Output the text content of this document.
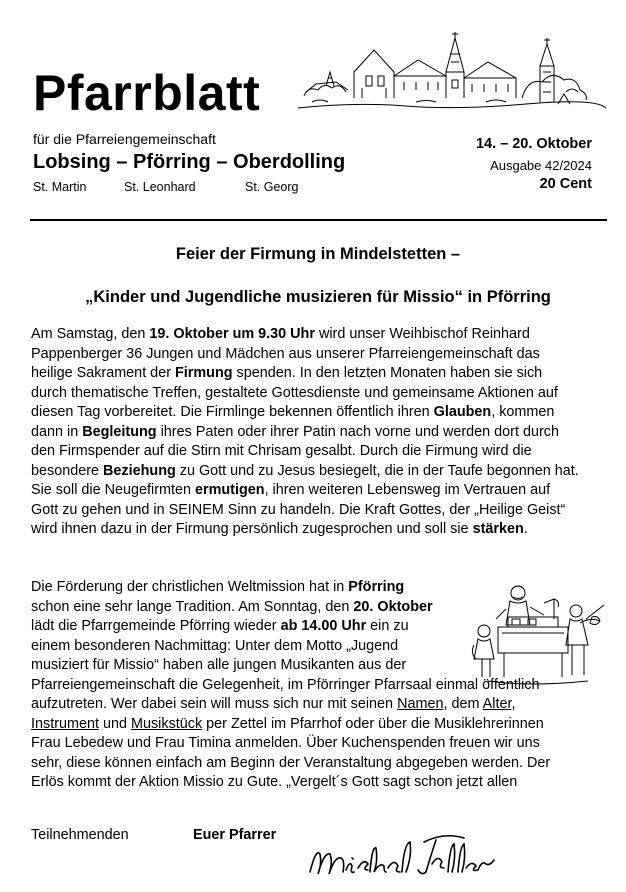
Pfarrblatt
für die Pfarreiengemeinschaft
Lobsing – Pförring – Oberdolling
St. Martin	St. Leonhard	St. Georg
14. – 20. Oktober
Ausgabe 42/2024
20 Cent
Feier der Firmung in Mindelstetten –
„Kinder und Jugendliche musizieren für Missio“ in Pförring
Am Samstag, den 19. Oktober um 9.30 Uhr wird unser Weihbischof Reinhard
Pappenberger 36 Jungen und Mädchen aus unserer Pfarreiengemeinschaft das
heilige Sakrament der Firmung spenden. In den letzten Monaten haben sie sich
durch thematische Treffen, gestaltete Gottesdienste und gemeinsame Aktionen auf
diesen Tag vorbereitet. Die Firmlinge bekennen öffentlich ihren Glauben, kommen
dann in Begleitung ihres Paten oder ihrer Patin nach vorne und werden dort durch
den Firmspender auf die Stirn mit Chrisam gesalbt. Durch die Firmung wird die
besondere Beziehung zu Gott und zu Jesus besiegelt, die in der Taufe begonnen hat.
Sie soll die Neugefirmten ermutigen, ihren weiteren Lebensweg im Vertrauen auf
Gott zu gehen und in SEINEM Sinn zu handeln. Die Kraft Gottes, der „Heilige Geist“
wird ihnen dazu in der Firmung persönlich zugesprochen und soll sie stärken.
Die Förderung der christlichen Weltmission hat in Pförring
schon eine sehr lange Tradition. Am Sonntag, den 20. Oktober
lädt die Pfarrgemeinde Pförring wieder ab 14.00 Uhr ein zu
einem besonderen Nachmittag: Unter dem Motto „Jugend
musiziert für Missio“ haben alle jungen Musikanten aus der
Pfarreiengemeinschaft die Gelegenheit, im Pförringer Pfarrsaal einmal öffentlich
aufzutreten. Wer dabei sein will muss sich nur mit seinen Namen, dem Alter,
Instrument und Musikstück per Zettel im Pfarrhof oder über die Musiklehrerinnen
Frau Lebedew und Frau Timina anmelden. Über Kuchenspenden freuen wir uns
sehr, diese können einfach am Beginn der Veranstaltung abgegeben werden. Der
Erlös kommt der Aktion Missio zu Gute. „Vergelt´s Gott sagt schon jetzt allen
Teilnehmenden	Euer Pfarrer
